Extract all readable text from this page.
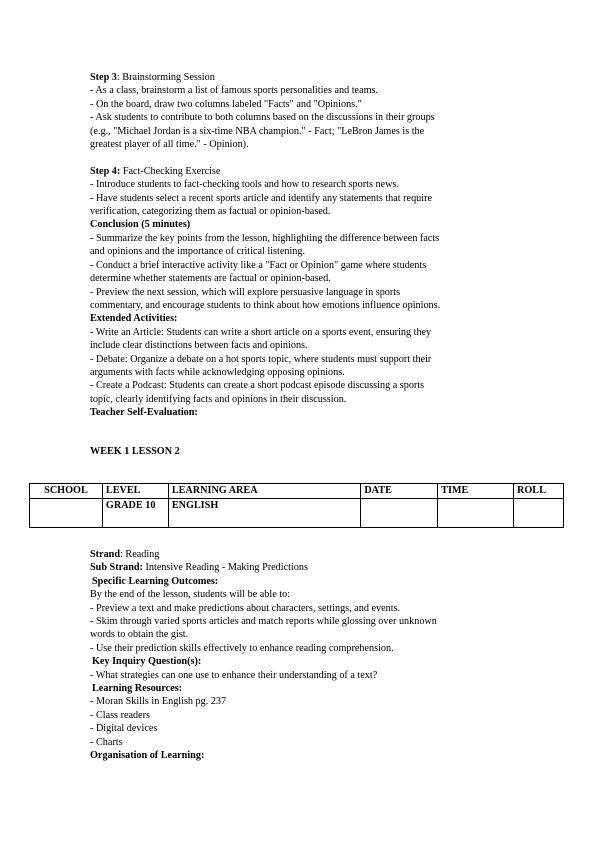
Step 3: Brainstorming Session
- As a class, brainstorm a list of famous sports personalities and teams.
- On the board, draw two columns labeled "Facts" and "Opinions."
- Ask students to contribute to both columns based on the discussions in their groups
(e.g., "Michael Jordan is a six-time NBA champion." - Fact; "LeBron James is the
greatest player of all time." - Opinion).

Step 4: Fact-Checking Exercise
- Introduce students to fact-checking tools and how to research sports news.
- Have students select a recent sports article and identify any statements that require
verification, categorizing them as factual or opinion-based.
Conclusion (5 minutes)
- Summarize the key points from the lesson, highlighting the difference between facts
and opinions and the importance of critical listening.
- Conduct a brief interactive activity like a "Fact or Opinion" game where students
determine whether statements are factual or opinion-based.
- Preview the next session, which will explore persuasive language in sports
commentary, and encourage students to think about how emotions influence opinions.
Extended Activities:
- Write an Article: Students can write a short article on a sports event, ensuring they
include clear distinctions between facts and opinions.
- Debate: Organize a debate on a hot sports topic, where students must support their
arguments with facts while acknowledging opposing opinions.
- Create a Podcast: Students can create a short podcast episode discussing a sports
topic, clearly identifying facts and opinions in their discussion.
Teacher Self-Evaluation:
WEEK 1 LESSON 2
SCHOOL	LEVEL	LEARNING AREA	DATE	TIME	ROLL
	GRADE 10	ENGLISH			
Strand: Reading
Sub Strand: Intensive Reading - Making Predictions
Specific Learning Outcomes:
By the end of the lesson, students will be able to:
- Preview a text and make predictions about characters, settings, and events.
- Skim through varied sports articles and match reports while glossing over unknown
words to obtain the gist.
- Use their prediction skills effectively to enhance reading comprehension.
Key Inquiry Question(s):
- What strategies can one use to enhance their understanding of a text?
Learning Resources:
- Moran Skills in English pg. 237
- Class readers
- Digital devices
- Charts
Organisation of Learning:
